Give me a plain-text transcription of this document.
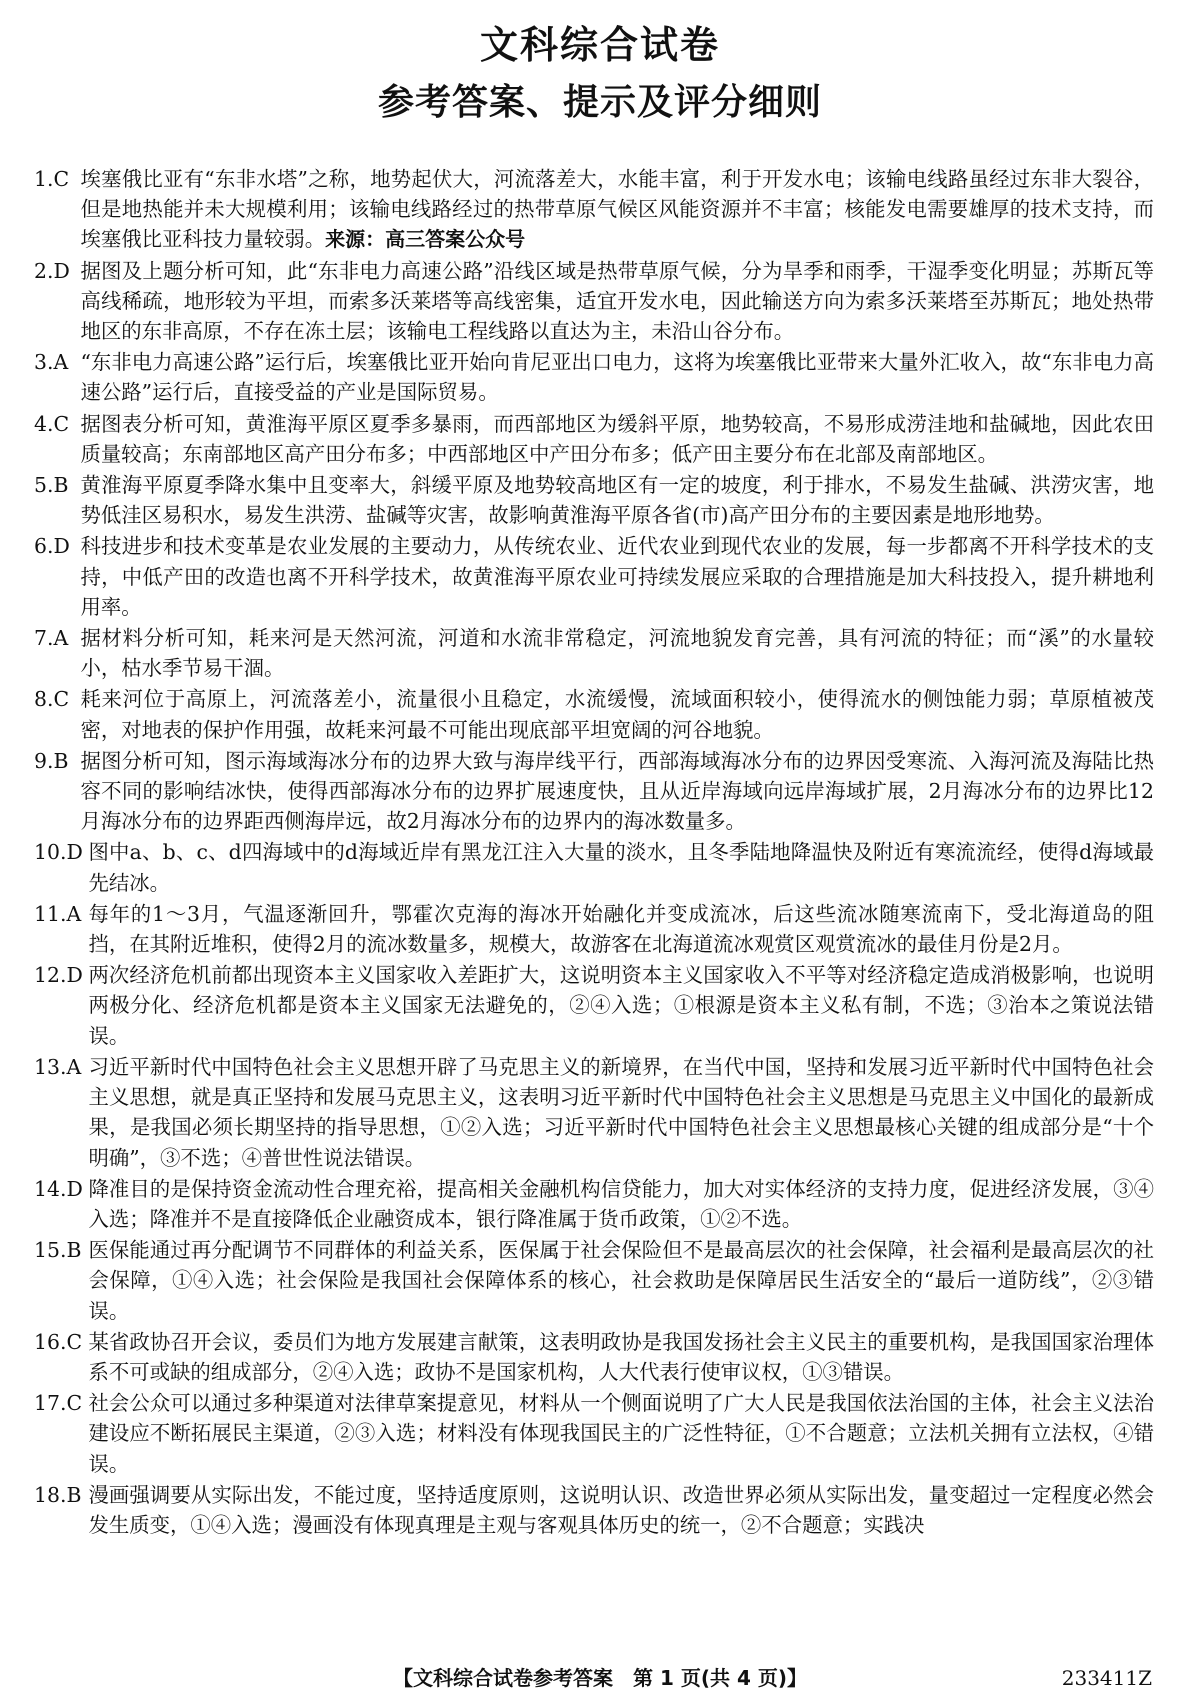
文科综合试卷
参考答案、提示及评分细则
1. C 埃塞俄比亚有“东非水塔”之称，地势起伏大，河流落差大，水能丰富，利于开发水电；该输电线路虽经过东非大裂谷，但是地热能并未大规模利用；该输电线路经过的热带草原气候区风能资源并不丰富；核能发电需要雄厚的技术支持，而埃塞俄比亚科技力量较弱。来源：高三答案公众号
2. D 据图及上题分析可知，此“东非电力高速公路”沿线区域是热带草原气候，分为旱季和雨季，干湿季变化明显；苏斯瓦等高线稀疏，地形较为平坦，而索多沃莱塔等高线密集，适宜开发水电，因此输送方向为索多沃莱塔至苏斯瓦；地处热带地区的东非高原，不存在冻土层；该输电工程线路以直达为主，未沿山谷分布。
3. A “东非电力高速公路”运行后，埃塞俄比亚开始向肯尼亚出口电力，这将为埃塞俄比亚带来大量外汇收入，故“东非电力高速公路”运行后，直接受益的产业是国际贸易。
4. C 据图表分析可知，黄淮海平原区夏季多暴雨，而西部地区为缓斜平原，地势较高，不易形成涝洼地和盐碱地，因此农田质量较高；东南部地区高产田分布多；中西部地区中产田分布多；低产田主要分布在北部及南部地区。
5. B 黄淮海平原夏季降水集中且变率大，斜缓平原及地势较高地区有一定的坡度，利于排水，不易发生盐碱、洪涝灾害，地势低洼区易积水，易发生洪涝、盐碱等灾害，故影响黄淮海平原各省(市)高产田分布的主要因素是地形地势。
6. D 科技进步和技术变革是农业发展的主要动力，从传统农业、近代农业到现代农业的发展，每一步都离不开科学技术的支持，中低产田的改造也离不开科学技术，故黄淮海平原农业可持续发展应采取的合理措施是加大科技投入，提升耕地利用率。
7. A 据材料分析可知，耗来河是天然河流，河道和水流非常稳定，河流地貌发育完善，具有河流的特征；而“溪”的水量较小，枯水季节易干涸。
8. C 耗来河位于高原上，河流落差小，流量很小且稳定，水流缓慢，流域面积较小，使得流水的侧蚀能力弱；草原植被茂密，对地表的保护作用强，故耗来河最不可能出现底部平坦宽阔的河谷地貌。
9. B 据图分析可知，图示海域海冰分布的边界大致与海岸线平行，西部海域海冰分布的边界因受寒流、入海河流及海陆比热容不同的影响结冰快，使得西部海冰分布的边界扩展速度快，且从近岸海域向远岸海域扩展，2月海冰分布的边界比12月海冰分布的边界距西侧海岸远，故2月海冰分布的边界内的海冰数量多。
10. D 图中a、b、c、d四海域中的d海域近岸有黑龙江注入大量的淡水，且冬季陆地降温快及附近有寒流流经，使得d海域最先结冰。
11. A 每年的1～3月，气温逐渐回升，鄂霍次克海的海冰开始融化并变成流冰，后这些流冰随寒流南下，受北海道岛的阻挡，在其附近堆积，使得2月的流冰数量多，规模大，故游客在北海道流冰观赏区观赏流冰的最佳月份是2月。
12. D 两次经济危机前都出现资本主义国家收入差距扩大，这说明资本主义国家收入不平等对经济稳定造成消极影响，也说明两极分化、经济危机都是资本主义国家无法避免的，②④入选；①根源是资本主义私有制，不选；③治本之策说法错误。
13. A 习近平新时代中国特色社会主义思想开辟了马克思主义的新境界，在当代中国，坚持和发展习近平新时代中国特色社会主义思想，就是真正坚持和发展马克思主义，这表明习近平新时代中国特色社会主义思想是马克思主义中国化的最新成果，是我国必须长期坚持的指导思想，①②入选；习近平新时代中国特色社会主义思想最核心关键的组成部分是“十个明确”，③不选；④普世性说法错误。
14. D 降准目的是保持资金流动性合理充裕，提高相关金融机构信贷能力，加大对实体经济的支持力度，促进经济发展，③④入选；降准并不是直接降低企业融资成本，银行降准属于货币政策，①②不选。
15. B 医保能通过再分配调节不同群体的利益关系，医保属于社会保险但不是最高层次的社会保障，社会福利是最高层次的社会保障，①④入选；社会保险是我国社会保障体系的核心，社会救助是保障居民生活安全的“最后一道防线”，②③错误。
16. C 某省政协召开会议，委员们为地方发展建言献策，这表明政协是我国发扬社会主义民主的重要机构，是我国国家治理体系不可或缺的组成部分，②④入选；政协不是国家机构，人大代表行使审议权，①③错误。
17. C 社会公众可以通过多种渠道对法律草案提意见，材料从一个侧面说明了广大人民是我国依法治国的主体，社会主义法治建设应不断拓展民主渠道，②③入选；材料没有体现我国民主的广泛性特征，①不合题意；立法机关拥有立法权，④错误。
18. B 漫画强调要从实际出发，不能过度，坚持适度原则，这说明认识、改造世界必须从实际出发，量变超过一定程度必然会发生质变，①④入选；漫画没有体现真理是主观与客观具体历史的统一，②不合题意；实践决
【文科综合试卷参考答案　第 1 页(共 4 页)】	233411Z
